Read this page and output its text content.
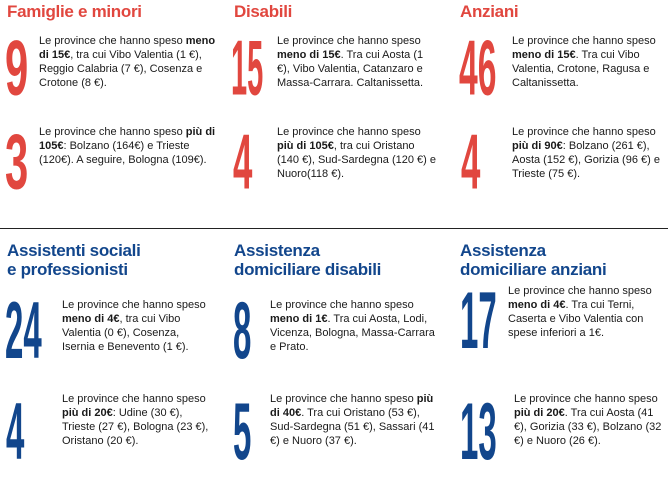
Famiglie e minori	Disabili	Anziani
9 Le province che hanno speso meno di 15€, tra cui Vibo Valentia (1 €), Reggio Calabria (7 €), Cosenza e Crotone (8 €).
3 Le province che hanno speso più di 105€: Bolzano (164€) e Trieste (120€). A seguire, Bologna (109€).
15 Le province che hanno speso meno di 15€. Tra cui Aosta (1 €), Vibo Valentia, Catanzaro e Massa-Carrara. Caltanissetta.
4 Le province che hanno speso più di 105€, tra cui Oristano (140 €), Sud-Sardegna (120 €) e Nuoro(118 €).
46 Le province che hanno speso meno di 15€. Tra cui Vibo Valentia, Crotone, Ragusa e Caltanissetta.
4	Le province che hanno speso più di 90€: Bolzano (261 €), Aosta (152 €), Gorizia (96 €) e Trieste (75 €).
Assistenti sociali
e professionisti
Assistenza
domiciliare disabili
Assistenza
domiciliare anziani
24 Le province che hanno speso meno di 4€, tra cui Vibo Valentia (0 €), Cosenza, Isernia e Benevento (1 €).
4	Le province che hanno speso più di 20€: Udine (30 €), Trieste (27 €), Bologna (23 €), Oristano (20 €).
8 Le province che hanno speso meno di 1€. Tra cui Aosta, Lodi, Vicenza, Bologna, Massa-Carrara e Prato.
5 Le province che hanno speso più di 40€. Tra cui Oristano (53 €), Sud-Sardegna (51 €), Sassari (41 €) e Nuoro (37 €).
17 Le province che hanno speso meno di 4€. Tra cui Terni, Caserta e Vibo Valentia con spese inferiori a 1€.
13 Le province che hanno speso più di 20€. Tra cui Aosta (41 €), Gorizia (33 €), Bolzano (32 €) e Nuoro (26 €).
